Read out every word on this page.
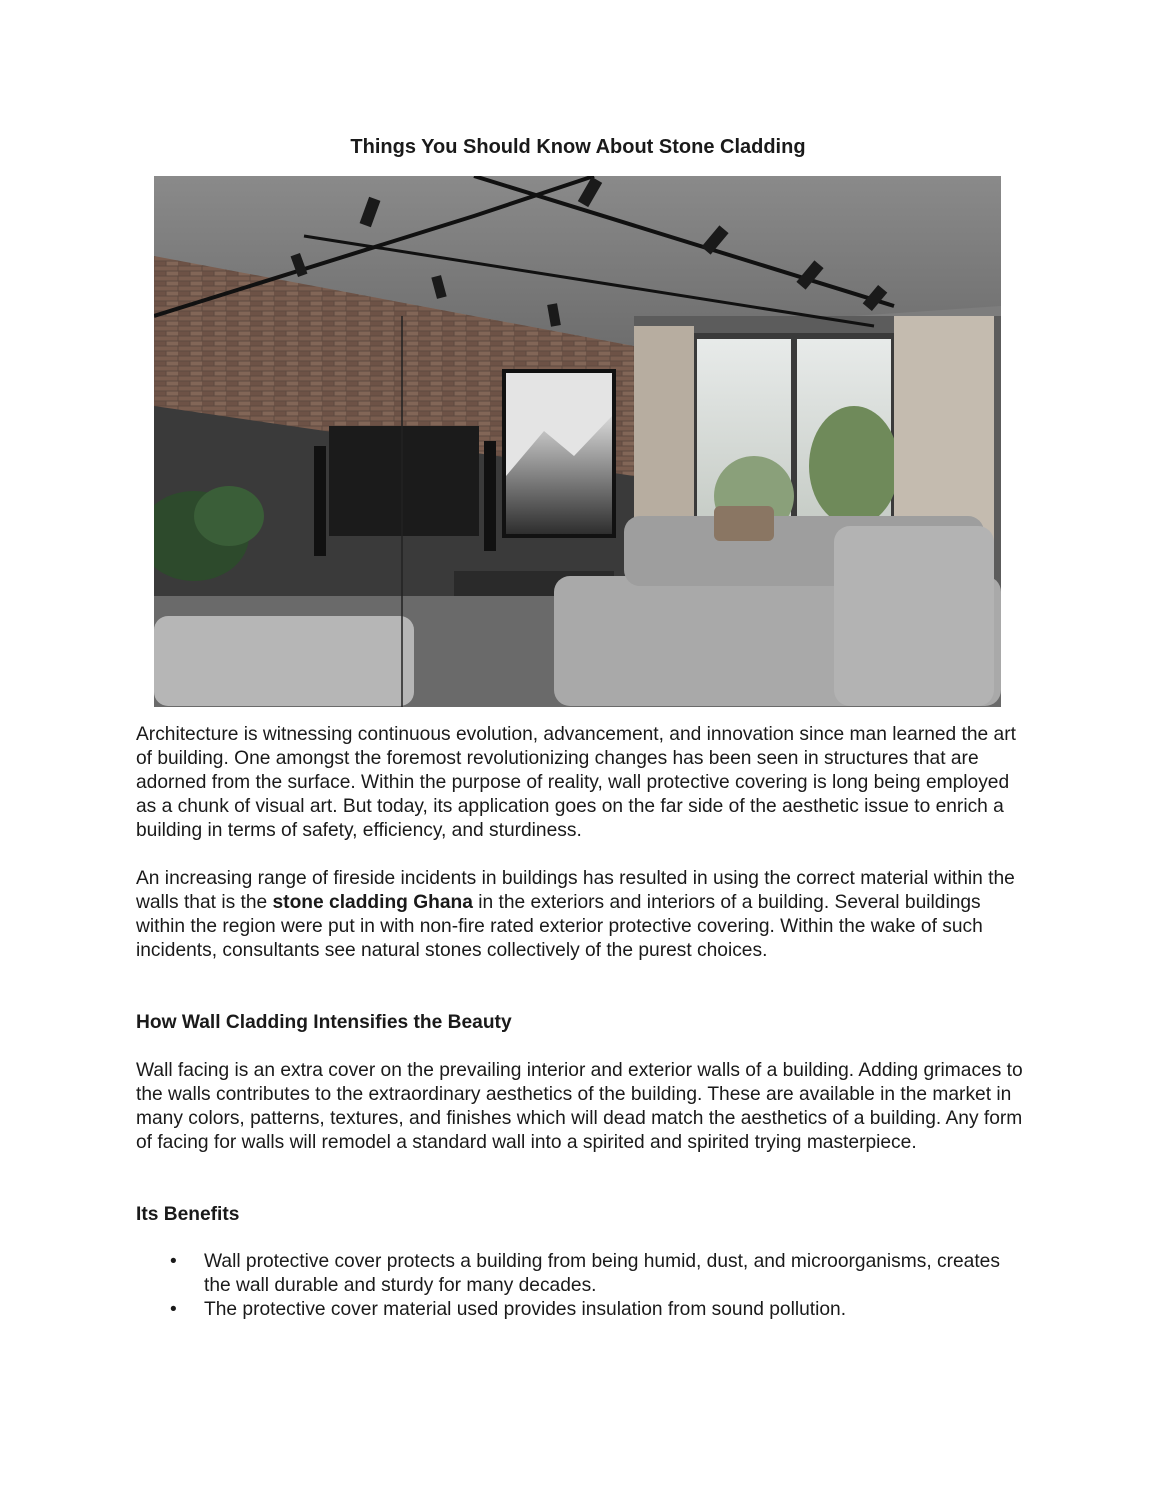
Things You Should Know About Stone Cladding

Architecture is witnessing continuous evolution, advancement, and innovation since man learned the art of building. One amongst the foremost revolutionizing changes has been seen in structures that are adorned from the surface. Within the purpose of reality, wall protective covering is long being employed as a chunk of visual art. But today, its application goes on the far side of the aesthetic issue to enrich a building in terms of safety, efficiency, and sturdiness.

An increasing range of fireside incidents in buildings has resulted in using the correct material within the walls that is the stone cladding Ghana in the exteriors and interiors of a building. Several buildings within the region were put in with non-fire rated exterior protective covering. Within the wake of such incidents, consultants see natural stones collectively of the purest choices.

How Wall Cladding Intensifies the Beauty

Wall facing is an extra cover on the prevailing interior and exterior walls of a building. Adding grimaces to the walls contributes to the extraordinary aesthetics of the building. These are available in the market in many colors, patterns, textures, and finishes which will dead match the aesthetics of a building. Any form of facing for walls will remodel a standard wall into a spirited and spirited trying masterpiece.

Its Benefits
•	Wall protective cover protects a building from being humid, dust, and microorganisms, creates the wall durable and sturdy for many decades.
•	The protective cover material used provides insulation from sound pollution.
